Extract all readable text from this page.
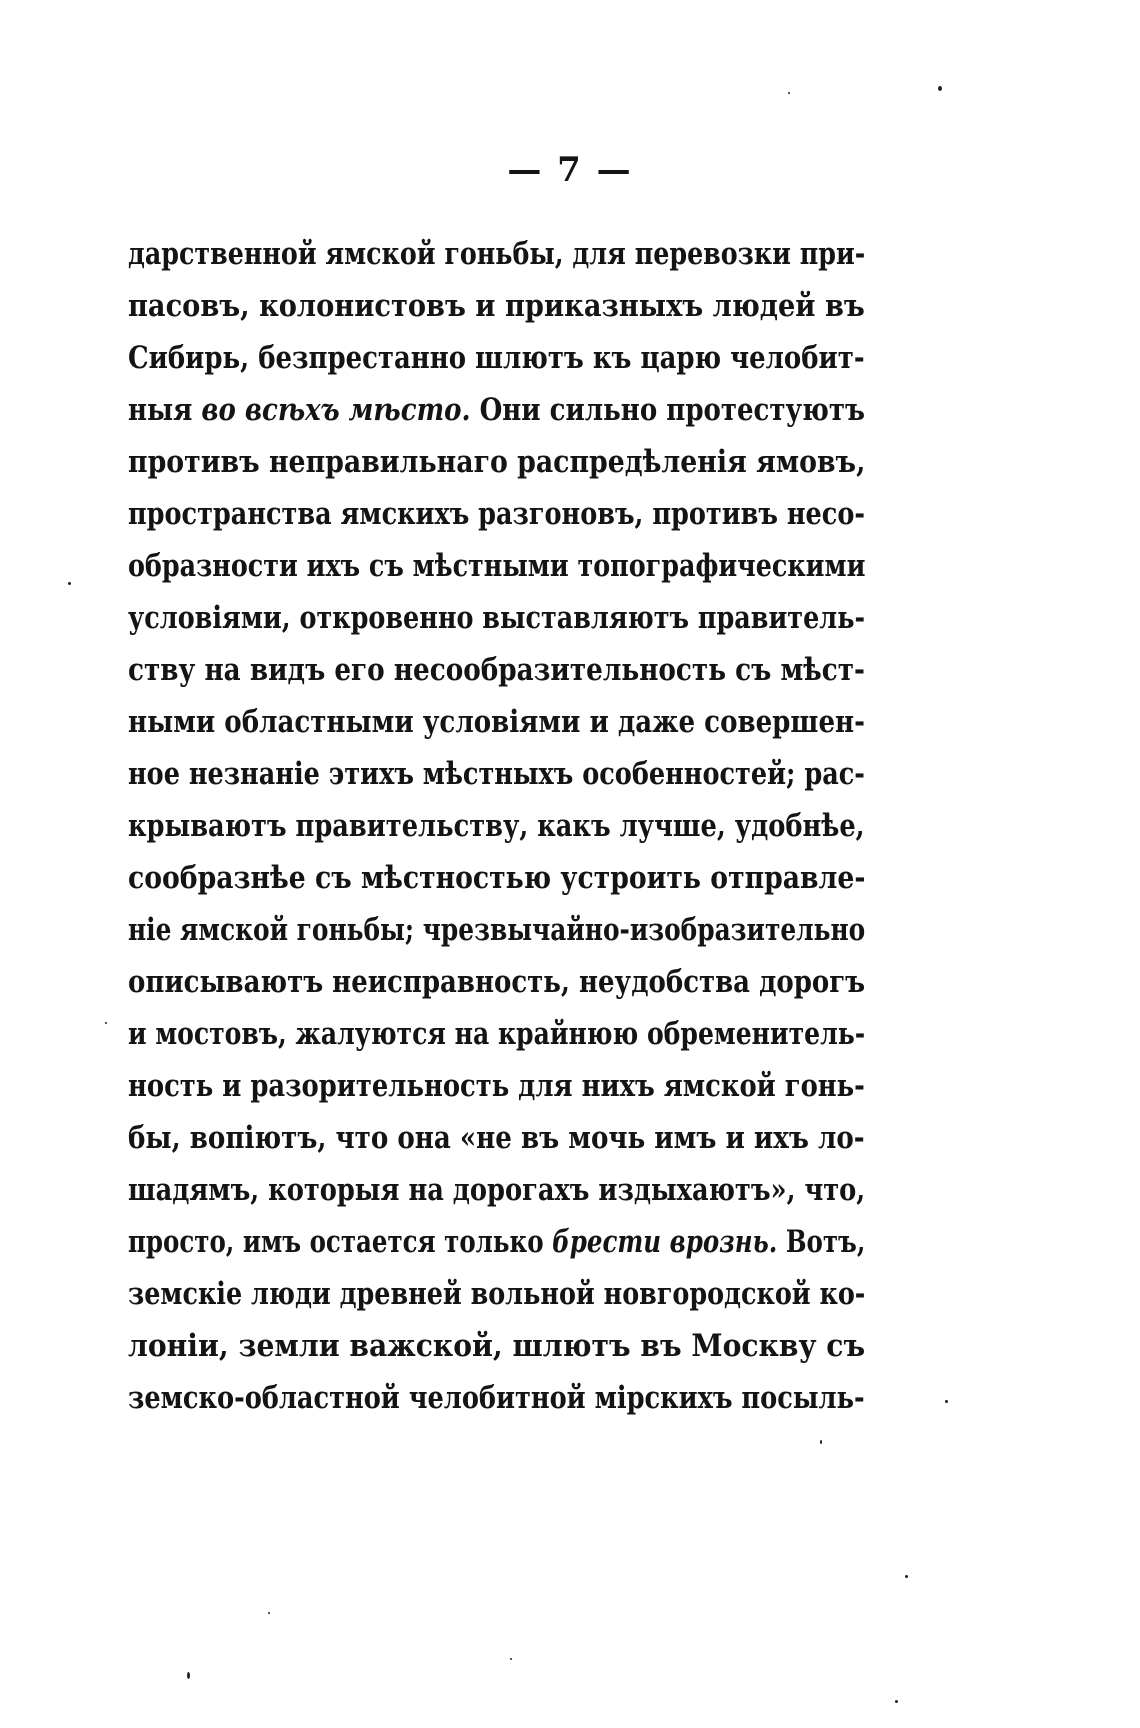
— 7 —
дарственной ямской гоньбы, для перевозки при-
пасовъ, колонистовъ и приказныхъ людей въ
Сибирь, безпрестанно шлютъ къ царю челобит-
ныя во всѣхъ мѣсто. Они сильно протестуютъ
противъ неправильнаго распредѣленія ямовъ,
пространства ямскихъ разгоновъ, противъ несо-
образности ихъ съ мѣстными топографическими
условіями, откровенно выставляютъ правитель-
ству на видъ его несообразительность съ мѣст-
ными областными условіями и даже совершен-
ное незнаніе этихъ мѣстныхъ особенностей; рас-
крываютъ правительству, какъ лучше, удобнѣе,
сообразнѣе съ мѣстностью устроить отправле-
ніе ямской гоньбы; чрезвычайно-изобразительно
описываютъ неисправность, неудобства дорогъ
и мостовъ, жалуются на крайнюю обременитель-
ность и разорительность для нихъ ямской гонь-
бы, вопіютъ, что она «не въ мочь имъ и ихъ ло-
шадямъ, которыя на дорогахъ издыхаютъ», что,
просто, имъ остается только брести врознь. Вотъ,
земскіе люди древней вольной новгородской ко-
лоніи, земли важской, шлютъ въ Москву съ
земско-областной челобитной мірскихъ посыль-
